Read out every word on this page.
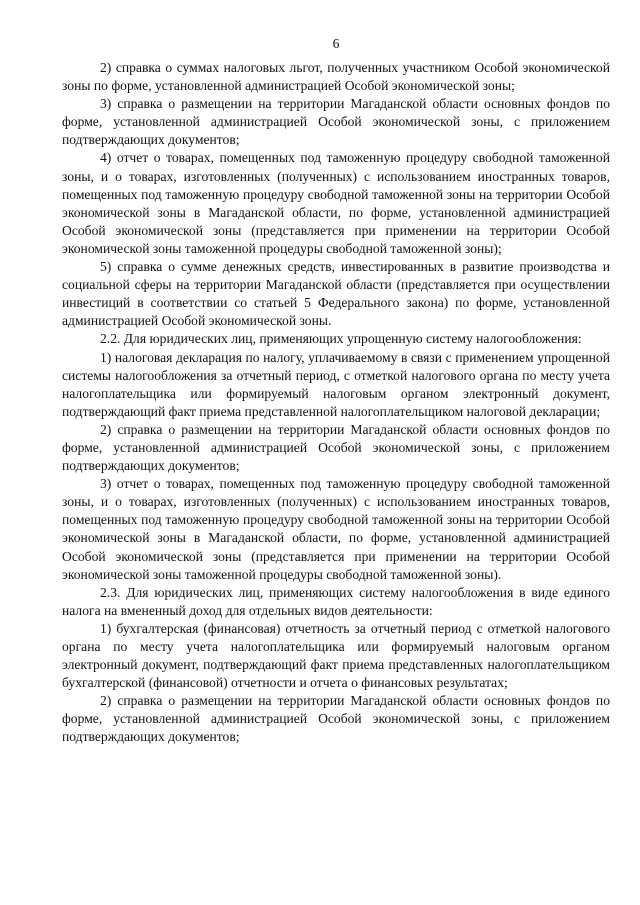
6

2) справка о суммах налоговых льгот, полученных участником Особой экономической зоны по форме, установленной администрацией Особой экономической зоны;

3) справка о размещении на территории Магаданской области основных фондов по форме, установленной администрацией Особой экономической зоны, с приложением подтверждающих документов;

4) отчет о товарах, помещенных под таможенную процедуру свободной таможенной зоны, и о товарах, изготовленных (полученных) с использованием иностранных товаров, помещенных под таможенную процедуру свободной таможенной зоны на территории Особой экономической зоны в Магаданской области, по форме, установленной администрацией Особой экономической зоны (представляется при применении на территории Особой экономической зоны таможенной процедуры свободной таможенной зоны);

5) справка о сумме денежных средств, инвестированных в развитие производства и социальной сферы на территории Магаданской области (представляется при осуществлении инвестиций в соответствии со статьей 5 Федерального закона) по форме, установленной администрацией Особой экономической зоны.

2.2. Для юридических лиц, применяющих упрощенную систему налогообложения:

1) налоговая декларация по налогу, уплачиваемому в связи с применением упрощенной системы налогообложения за отчетный период, с отметкой налогового органа по месту учета налогоплательщика или формируемый налоговым органом электронный документ, подтверждающий факт приема представленной налогоплательщиком налоговой декларации;

2) справка о размещении на территории Магаданской области основных фондов по форме, установленной администрацией Особой экономической зоны, с приложением подтверждающих документов;

3) отчет о товарах, помещенных под таможенную процедуру свободной таможенной зоны, и о товарах, изготовленных (полученных) с использованием иностранных товаров, помещенных под таможенную процедуру свободной таможенной зоны на территории Особой экономической зоны в Магаданской области, по форме, установленной администрацией Особой экономической зоны (представляется при применении на территории Особой экономической зоны таможенной процедуры свободной таможенной зоны).

2.3. Для юридических лиц, применяющих систему налогообложения в виде единого налога на вмененный доход для отдельных видов деятельности:

1) бухгалтерская (финансовая) отчетность за отчетный период с отметкой налогового органа по месту учета налогоплательщика или формируемый налоговым органом электронный документ, подтверждающий факт приема представленных налогоплательщиком бухгалтерской (финансовой) отчетности и отчета о финансовых результатах;

2) справка о размещении на территории Магаданской области основных фондов по форме, установленной администрацией Особой экономической зоны, с приложением подтверждающих документов;
